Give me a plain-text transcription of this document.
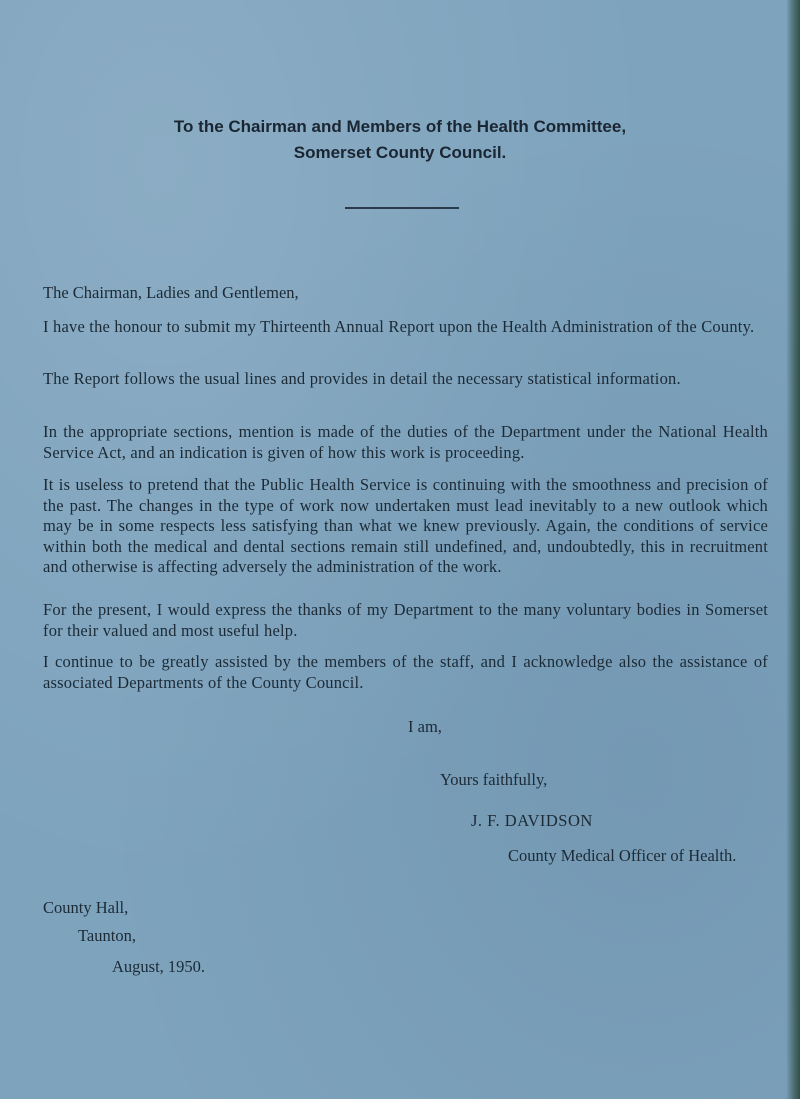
To the Chairman and Members of the Health Committee,
Somerset County Council.
The Chairman, Ladies and Gentlemen,
I have the honour to submit my Thirteenth Annual Report upon the Health Administration of the County.
The Report follows the usual lines and provides in detail the necessary statistical information.
In the appropriate sections, mention is made of the duties of the Department under the National Health Service Act, and an indication is given of how this work is proceeding.
It is useless to pretend that the Public Health Service is continuing with the smoothness and precision of the past. The changes in the type of work now undertaken must lead inevitably to a new outlook which may be in some respects less satisfying than what we knew previously. Again, the conditions of service within both the medical and dental sections remain still undefined, and, undoubtedly, this in recruitment and otherwise is affecting adversely the administration of the work.
For the present, I would express the thanks of my Department to the many voluntary bodies in Somerset for their valued and most useful help.
I continue to be greatly assisted by the members of the staff, and I acknowledge also the assistance of associated Departments of the County Council.
I am,
Yours faithfully,
J. F. DAVIDSON
County Medical Officer of Health.
County Hall,
Taunton,
August, 1950.
